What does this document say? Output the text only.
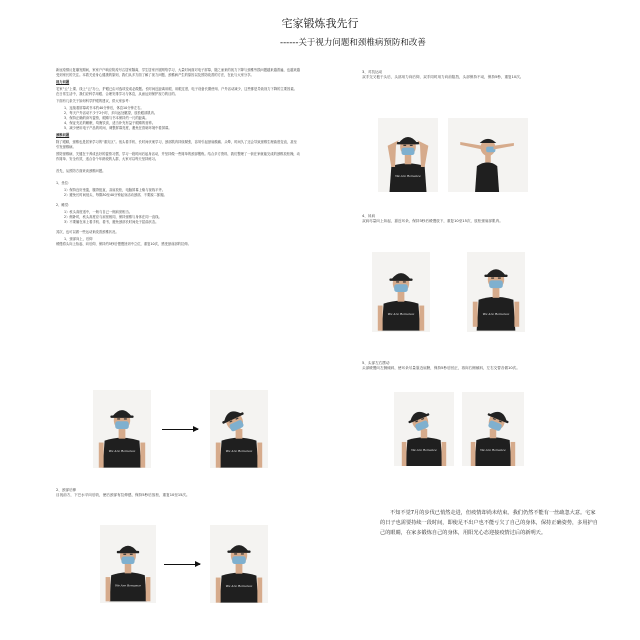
宅家锻炼我先行
------关于视力问题和颈椎病预防和改善

新冠疫情反复爆发期间，家家户户响应防疫号召居家隔离，学生居家开展网络学习，大量时间面对电子屏幕，随之而来的视力下降与颈椎劳损问题越来越普遍，也越来越受到家长的关注。本着关爱身心健康的原则，我们从多方面了解了视力问题、颈椎病产生的原因以及预防改善的方法，在此与大家分享。

视力问题

宅家“云”上课、线上“云”办公，护眼已由可选项变成必做题。长时间近距离用眼、用眼过度，电子设备长期使用、户外活动减少，这些都是导致视力下降的主要因素。在日常生活中，我们应科学用眼、合理安排学习与休息，从而达到保护视力的目的。

下面有几条关于如何科学护眼的建议，供大家参考：

1、连续看屏幕或书本约40分钟后，休息10分钟左右。

2、每天户外活动不少于2小时，多向远处眺望，放松眼部肌肉。

3、保持正确的读写姿势，眼睛与书本保持约一尺的距离。

4、保证充足的睡眠，均衡饮食，适当补充有益于眼睛的营养。

5、减少使用电子产品的时间，调整屏幕亮度，避免在昏暗环境中看屏幕。

颈椎问题

除了眼睛，颈椎也是居家学习的“重灾区”。低头看手机、长时间伏案学习，颈部肌肉持续紧张，容易引起颈肩酸痛、头晕，时间久了还会导致颈椎生理曲度变直，甚至引发颈椎病。

预防颈椎病，关键在于养成良好的姿势习惯，学习一段时间后起身活动，并坚持做一些简单的颈部锻炼。结合多方资料，我们整理了一套在家就能完成的颈椎放松操，动作简单、安全有效，适合各个年龄段的人群，大家可以每天坚持练习。

首先，从预防方面来谈颈椎问题。

1、坐位：

1）保持良好坐姿，腰背挺直，双肩放松，电脑屏幕上缘与视线平齐。

2）避免长时间低头，每隔30至40分钟起身活动颈部，不要跷二郎腿。

2、睡觉：

1）枕头高度适中，一般与自己一侧肩宽相当。

2）侧卧时，枕头高度应与肩宽相同，保持颈椎与身体在同一直线。

3）不要躺在床上看手机、看书，避免颈部长时间处于屈曲状态。

其次，也可以做一些运动来改善颈椎状况。

1、颈部向上，后仰

缓慢将头向上抬起、向后仰，保持约5秒后慢慢回到中立位，重复10次，感受颈前部的拉伸。

3、对抗运动
双手交叉抱于头后，头部用力向后仰，双手同时用力向前阻挡，头部保持不动，保持5秒，重复10次。
4、耸肩
双肩尽量向上耸起，靠近耳朵，保持3秒后缓慢放下，重复10至15次，放松颈肩部肌肉。
5、头部左右摆动
头部缓慢向左侧倾斜，使耳朵尽量靠近肩膀，保持5秒后回正，再向右侧倾斜，左右交替各做10次。
2、颈部后伸
目视前方，下巴水平向后收，使后颈部有拉伸感，保持5秒后放松，重复10至15次。
We Are Romance	We Are Romance
We Are Romance	We Are Romance
We Are Romance
We Are Romance	We Are Romance
We Are Romance	We Are Romance
不知不觉7月的步伐已悄然走进，但疫情却尚未结束。我们仍然不能有一丝疏忽大意。宅家的日子也需要持续一段时间，即使足不出户也不能亏欠了自己的身体，保持正确姿势，多用护自己的眼睛，在家多锻炼自己的身体，用阳光心态迎接疫情过后的新明天。
